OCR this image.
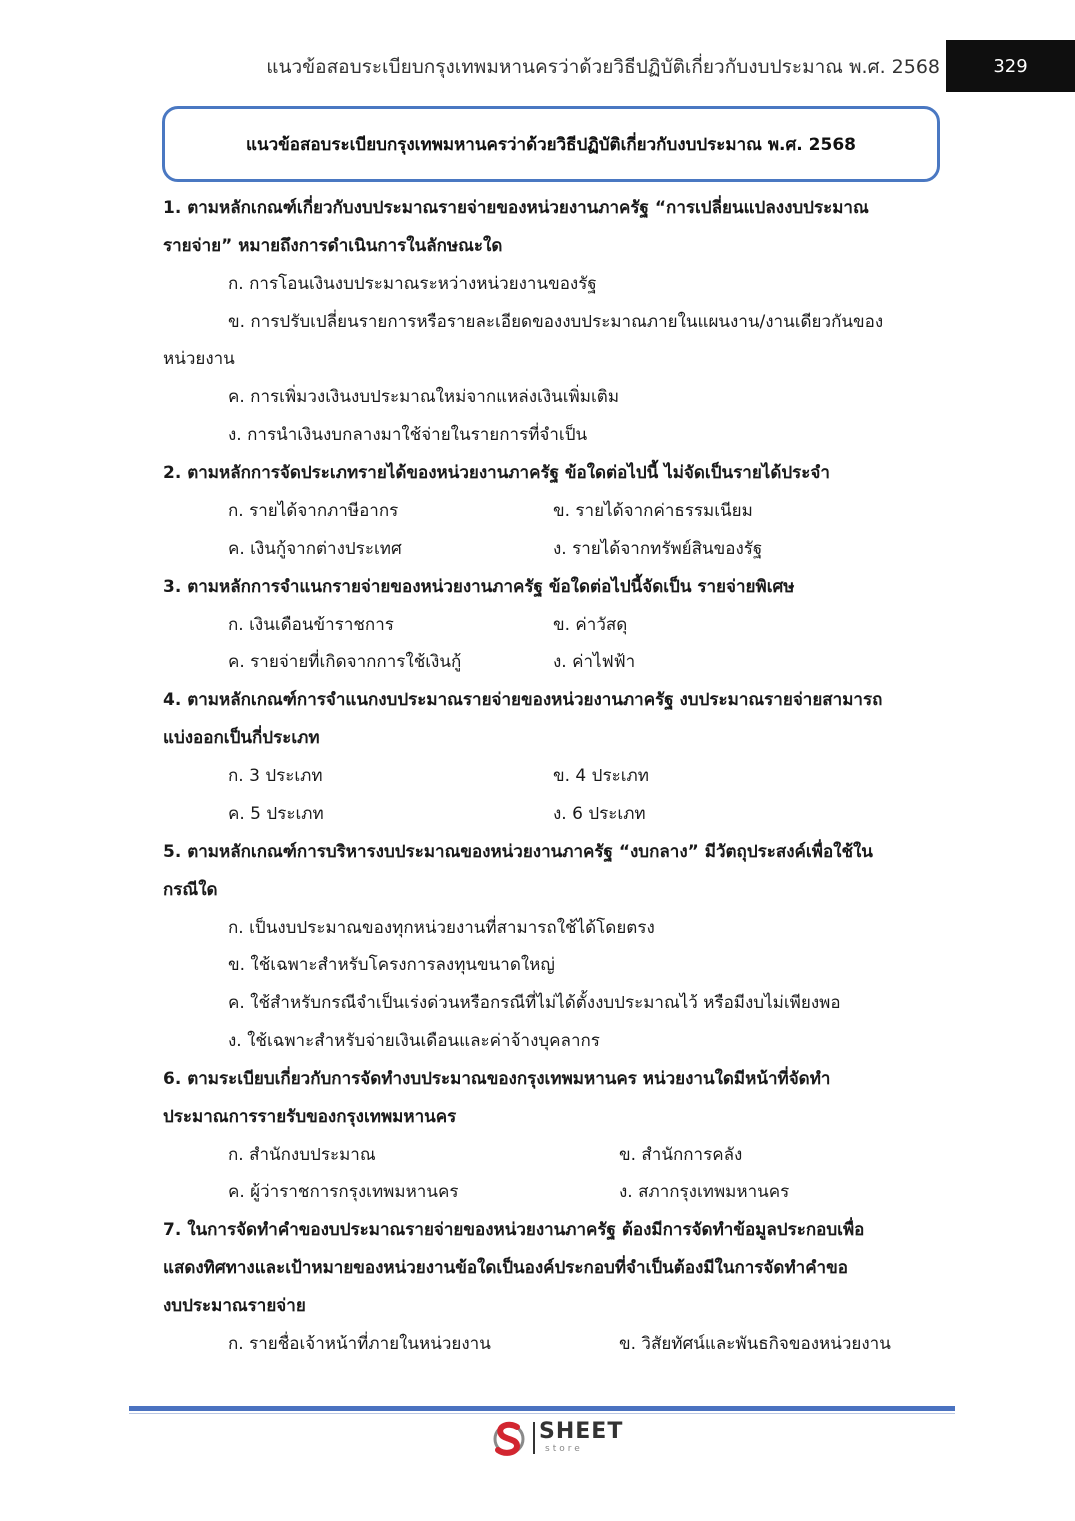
แนวข้อสอบระเบียบกรุงเทพมหานครว่าด้วยวิธีปฏิบัติเกี่ยวกับงบประมาณ พ.ศ. 2568	329
แนวข้อสอบระเบียบกรุงเทพมหานครว่าด้วยวิธีปฏิบัติเกี่ยวกับงบประมาณ พ.ศ. 2568
1. ตามหลักเกณฑ์เกี่ยวกับงบประมาณรายจ่ายของหน่วยงานภาครัฐ “การเปลี่ยนแปลงงบประมาณ
รายจ่าย” หมายถึงการดำเนินการในลักษณะใด
ก. การโอนเงินงบประมาณระหว่างหน่วยงานของรัฐ
ข. การปรับเปลี่ยนรายการหรือรายละเอียดของงบประมาณภายในแผนงาน/งานเดียวกันของ
หน่วยงาน
ค. การเพิ่มวงเงินงบประมาณใหม่จากแหล่งเงินเพิ่มเติม
ง. การนำเงินงบกลางมาใช้จ่ายในรายการที่จำเป็น
2. ตามหลักการจัดประเภทรายได้ของหน่วยงานภาครัฐ ข้อใดต่อไปนี้ ไม่จัดเป็นรายได้ประจำ
ก. รายได้จากภาษีอากร	ข. รายได้จากค่าธรรมเนียม
ค. เงินกู้จากต่างประเทศ	ง. รายได้จากทรัพย์สินของรัฐ
3. ตามหลักการจำแนกรายจ่ายของหน่วยงานภาครัฐ ข้อใดต่อไปนี้จัดเป็น รายจ่ายพิเศษ
ก. เงินเดือนข้าราชการ	ข. ค่าวัสดุ
ค. รายจ่ายที่เกิดจากการใช้เงินกู้	ง. ค่าไฟฟ้า
4. ตามหลักเกณฑ์การจำแนกงบประมาณรายจ่ายของหน่วยงานภาครัฐ งบประมาณรายจ่ายสามารถ
แบ่งออกเป็นกี่ประเภท
ก. 3 ประเภท	ข. 4 ประเภท
ค. 5 ประเภท	ง. 6 ประเภท
5. ตามหลักเกณฑ์การบริหารงบประมาณของหน่วยงานภาครัฐ “งบกลาง” มีวัตถุประสงค์เพื่อใช้ใน
กรณีใด
ก. เป็นงบประมาณของทุกหน่วยงานที่สามารถใช้ได้โดยตรง
ข. ใช้เฉพาะสำหรับโครงการลงทุนขนาดใหญ่
ค. ใช้สำหรับกรณีจำเป็นเร่งด่วนหรือกรณีที่ไม่ได้ตั้งงบประมาณไว้ หรือมีงบไม่เพียงพอ
ง. ใช้เฉพาะสำหรับจ่ายเงินเดือนและค่าจ้างบุคลากร
6. ตามระเบียบเกี่ยวกับการจัดทำงบประมาณของกรุงเทพมหานคร หน่วยงานใดมีหน้าที่จัดทำ
ประมาณการรายรับของกรุงเทพมหานคร
ก. สำนักงบประมาณ	ข. สำนักการคลัง
ค. ผู้ว่าราชการกรุงเทพมหานคร	ง. สภากรุงเทพมหานคร
7. ในการจัดทำคำของบประมาณรายจ่ายของหน่วยงานภาครัฐ ต้องมีการจัดทำข้อมูลประกอบเพื่อ
แสดงทิศทางและเป้าหมายของหน่วยงานข้อใดเป็นองค์ประกอบที่จำเป็นต้องมีในการจัดทำคำขอ
งบประมาณรายจ่าย
ก. รายชื่อเจ้าหน้าที่ภายในหน่วยงาน	ข. วิสัยทัศน์และพันธกิจของหน่วยงาน
SHEET
store
